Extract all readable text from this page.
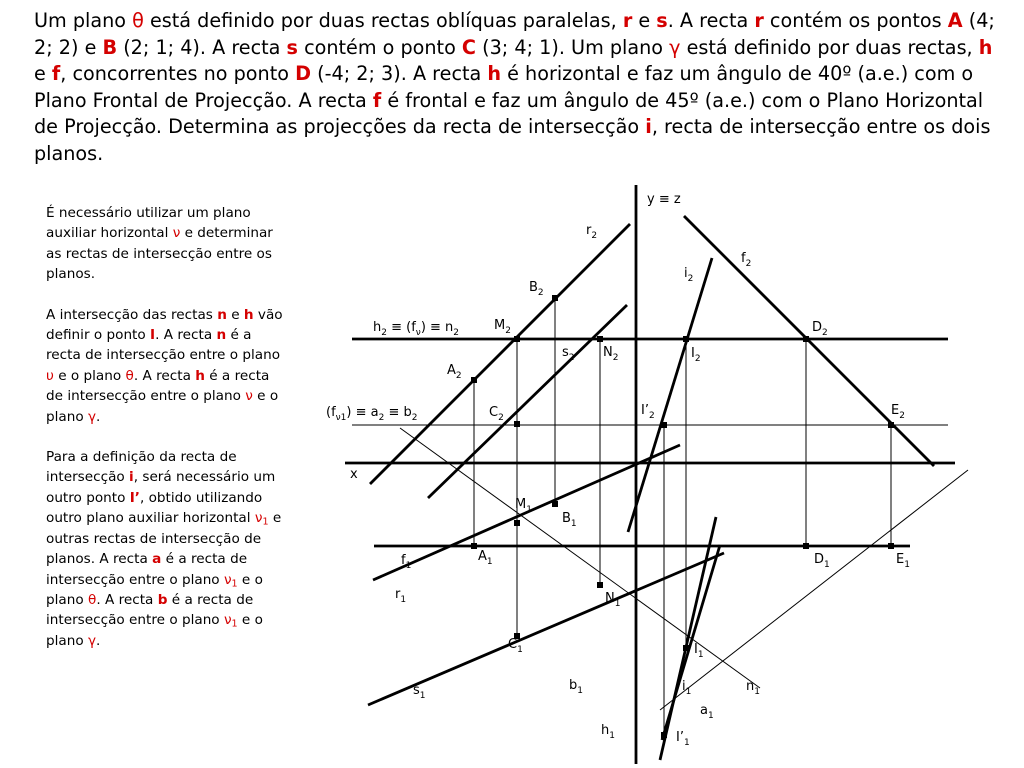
Um plano θ está definido por duas rectas oblíquas paralelas, r e s. A recta r contém os pontos A (4; 2; 2) e B (2; 1; 4). A recta s contém o ponto C (3; 4; 1). Um plano γ está definido por duas rectas, h e f, concorrentes no ponto D (-4; 2; 3). A recta h é horizontal e faz um ângulo de 40º (a.e.) com o Plano Frontal de Projecção. A recta f é frontal e faz um ângulo de 45º (a.e.) com o Plano Horizontal de Projecção. Determina as projecções da recta de intersecção i, recta de intersecção entre os dois planos.

É necessário utilizar um plano auxiliar horizontal ν e determinar as rectas de intersecção entre os planos.

A intersecção das rectas n e h vão definir o ponto I. A recta n é a recta de intersecção entre o plano υ e o plano θ. A recta h é a recta de intersecção entre o plano ν e o plano γ.

Para a definição da recta de intersecção i, será necessário um outro ponto I’, obtido utilizando outro plano auxiliar horizontal $\nu_1$ e outras rectas de intersecção de planos. A recta a é a recta de intersecção entre o plano $\nu_1$ e o plano θ. A recta b é a recta de intersecção entre o plano $\nu_1$ e o plano γ.

y ≡ z
x
$r_2$
$f_2$
$i_2$
$B_2$
$h_2 \equiv (f_\nu) \equiv n_2$	$M_2$	$D_2$
$s_2$ $N_2$	$I_2$
$A_2$
$(f_{\nu 1}) \equiv a_2 \equiv b_2$	$C_2$	$I’_2$	$E_2$
$M_1$
$B_1$
$f_1$
$A_1$	$D_1$	$E_1$
$r_1$	$N_1$
$C_1$	$I_1$
$s_1$
$b_1$	$i_1$	$n_1$
$a_1$
$h_1$	$I’_1$
